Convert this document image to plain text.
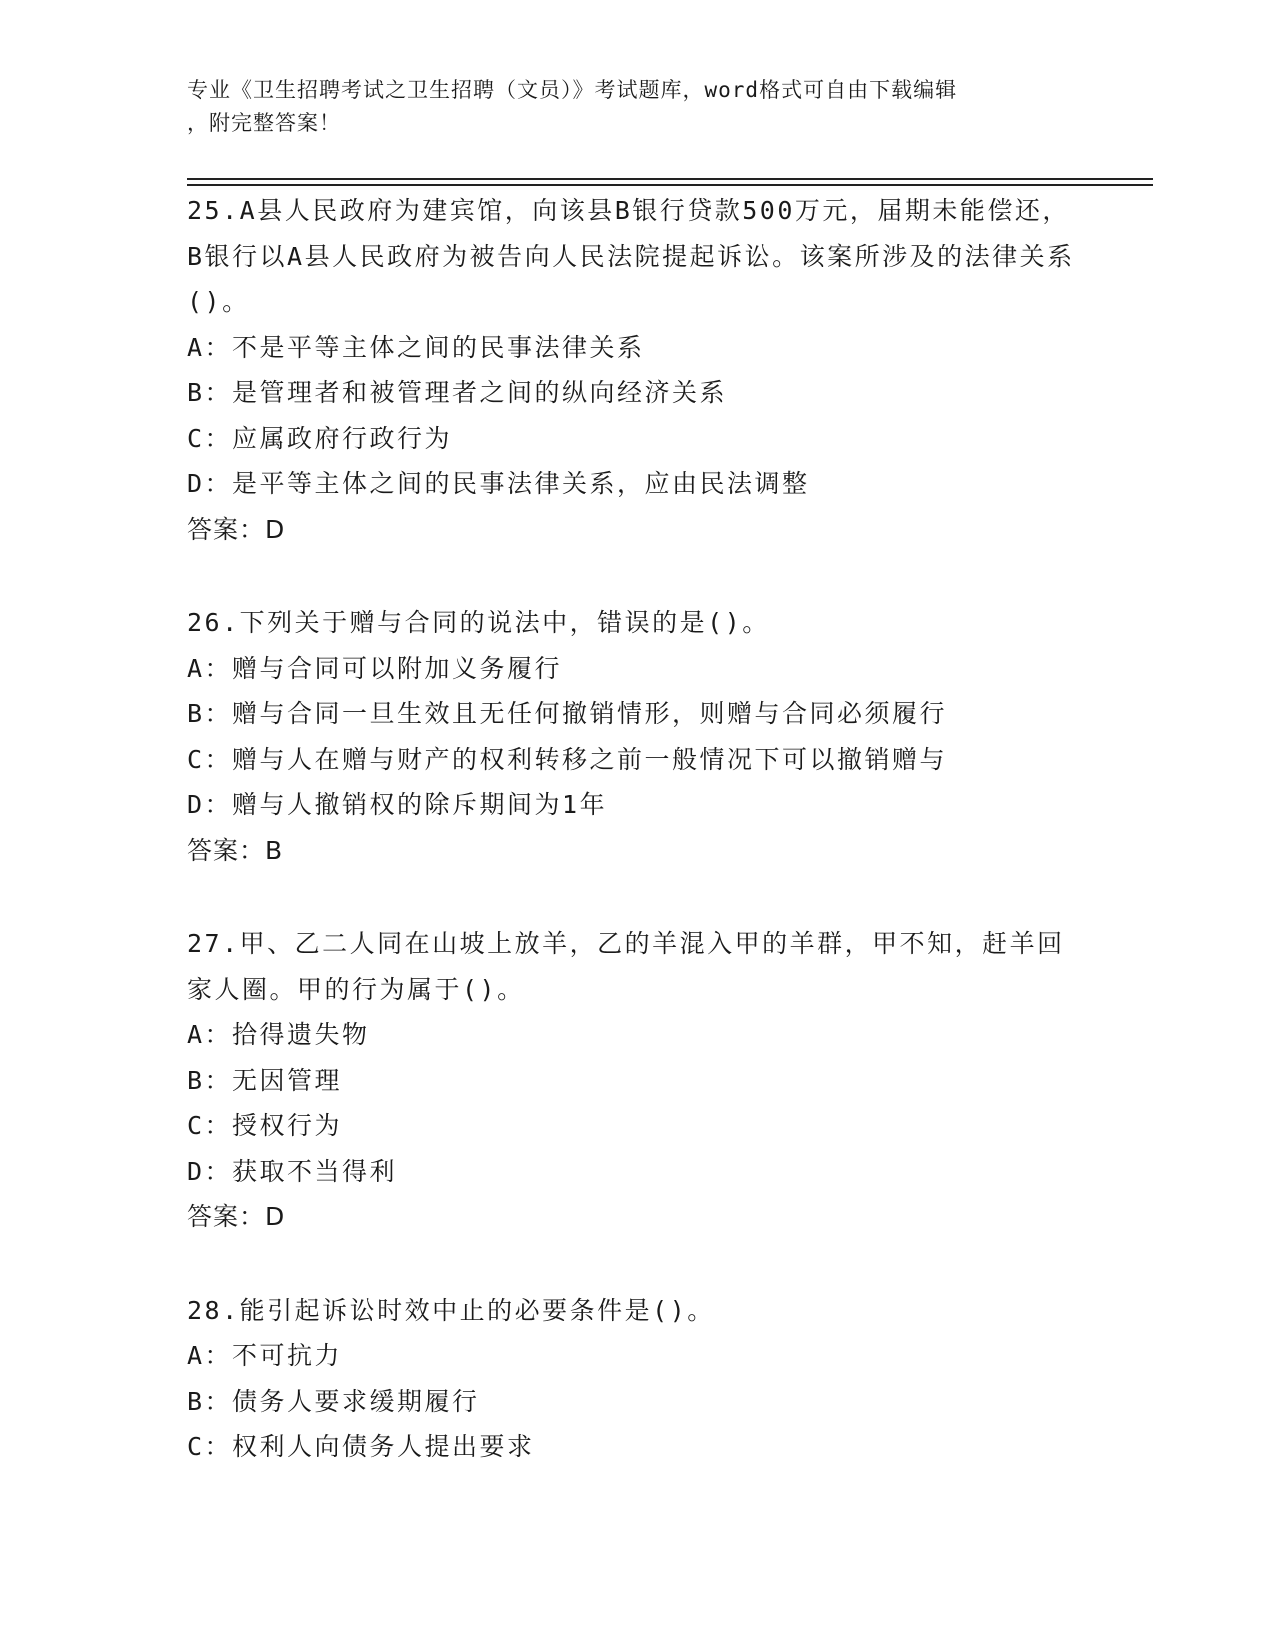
专业《卫生招聘考试之卫生招聘（文员）》考试题库，word格式可自由下载编辑
，附完整答案！
25.A县人民政府为建宾馆，向该县B银行贷款500万元，届期未能偿还，B银行以A县人民政府为被告向人民法院提起诉讼。该案所涉及的法律关系()。
A：不是平等主体之间的民事法律关系
B：是管理者和被管理者之间的纵向经济关系
C：应属政府行政行为
D：是平等主体之间的民事法律关系，应由民法调整
答案：D
26.下列关于赠与合同的说法中，错误的是()。
A：赠与合同可以附加义务履行
B：赠与合同一旦生效且无任何撤销情形，则赠与合同必须履行
C：赠与人在赠与财产的权利转移之前一般情况下可以撤销赠与
D：赠与人撤销权的除斥期间为1年
答案：B
27.甲、乙二人同在山坡上放羊，乙的羊混入甲的羊群，甲不知，赶羊回家人圈。甲的行为属于()。
A：拾得遗失物
B：无因管理
C：授权行为
D：获取不当得利
答案：D
28.能引起诉讼时效中止的必要条件是()。
A：不可抗力
B：债务人要求缓期履行
C：权利人向债务人提出要求
